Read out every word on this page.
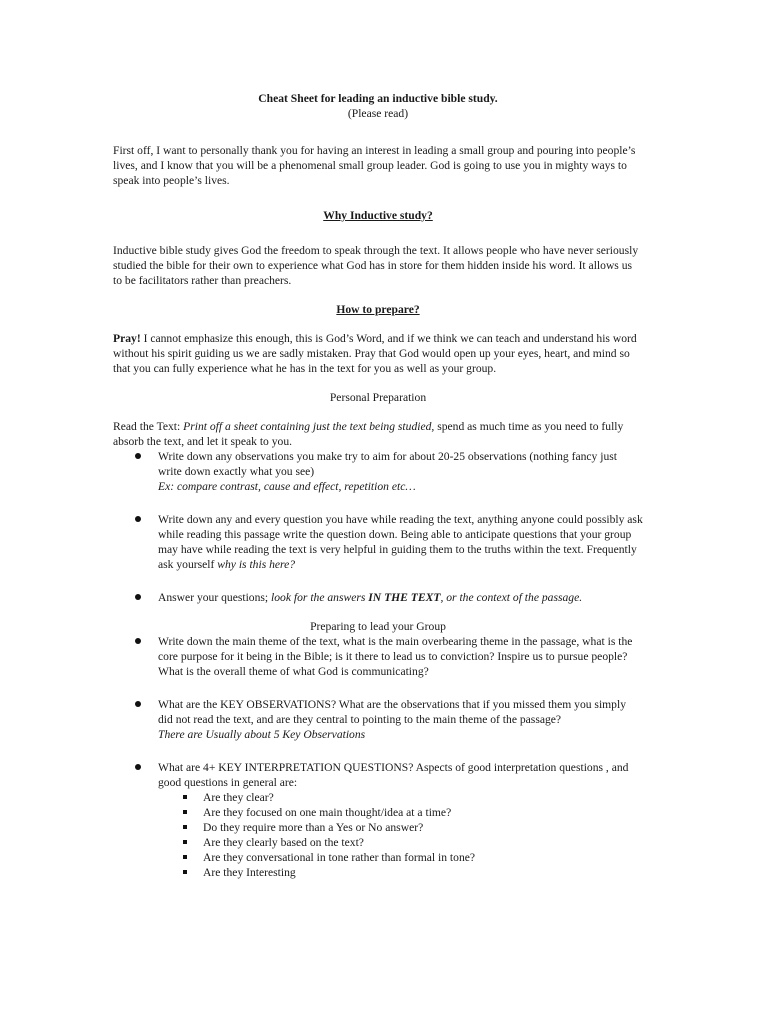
Cheat Sheet for leading an inductive bible study.

(Please read)

First off, I want to personally thank you for having an interest in leading a small group and pouring into people’s lives, and I know that you will be a phenomenal small group leader. God is going to use you in mighty ways to speak into people’s lives.

Why Inductive study?

Inductive bible study gives God the freedom to speak through the text. It allows people who have never seriously studied the bible for their own to experience what God has in store for them hidden inside his word. It allows us to be facilitators rather than preachers.

How to prepare?

Pray! I cannot emphasize this enough, this is God’s Word, and if we think we can teach and understand his word without his spirit guiding us we are sadly mistaken. Pray that God would open up your eyes, heart, and mind so that you can fully experience what he has in the text for you as well as your group.

Personal Preparation

Read the Text: Print off a sheet containing just the text being studied, spend as much time as you need to fully absorb the text, and let it speak to you.

Write down any observations you make try to aim for about 20-25 observations (nothing fancy just write down exactly what you see)
Ex: compare contrast, cause and effect, repetition etc…
Write down any and every question you have while reading the text, anything anyone could possibly ask while reading this passage write the question down. Being able to anticipate questions that your group may have while reading the text is very helpful in guiding them to the truths within the text. Frequently ask yourself why is this here?
Answer your questions; look for the answers IN THE TEXT, or the context of the passage.

Preparing to lead your Group

Write down the main theme of the text, what is the main overbearing theme in the passage, what is the core purpose for it being in the Bible; is it there to lead us to conviction? Inspire us to pursue people? What is the overall theme of what God is communicating?
What are the KEY OBSERVATIONS? What are the observations that if you missed them you simply did not read the text, and are they central to pointing to the main theme of the passage?
There are Usually about 5 Key Observations
What are 4+ KEY INTERPRETATION QUESTIONS? Aspects of good interpretation questions , and good questions in general are:
Are they clear?
Are they focused on one main thought/idea at a time?
Do they require more than a Yes or No answer?
Are they clearly based on the text?
Are they conversational in tone rather than formal in tone?
Are they Interesting
